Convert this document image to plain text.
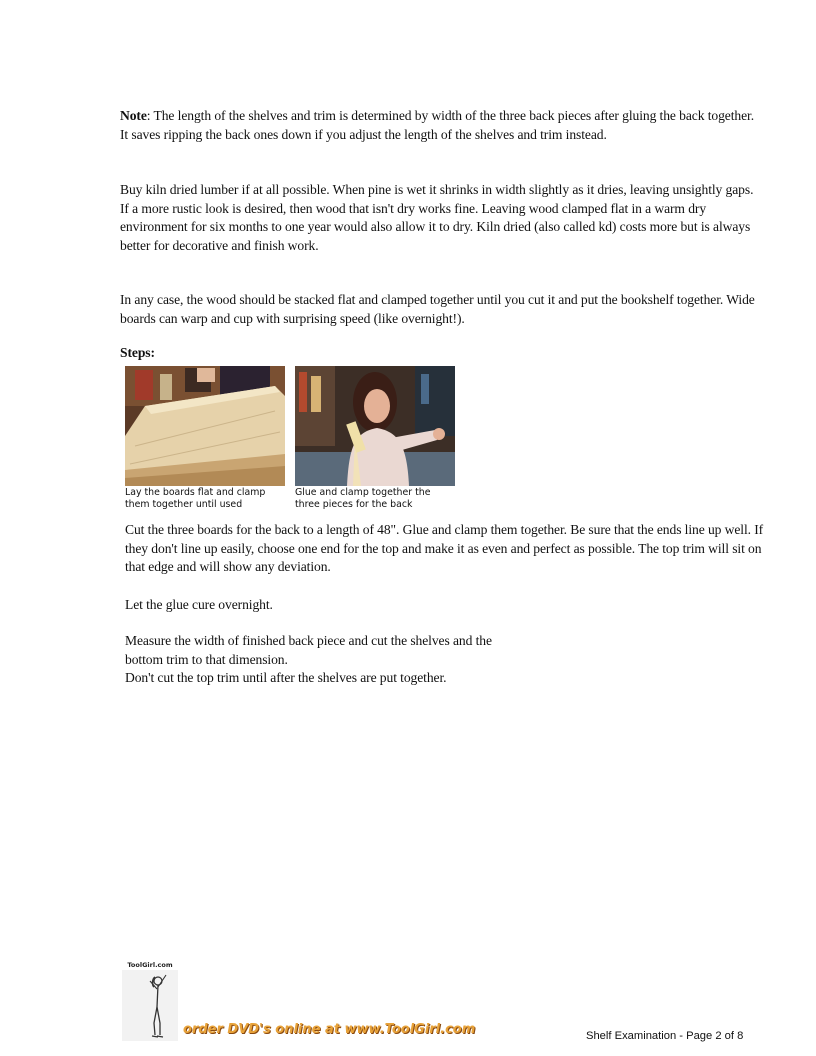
Note: The length of the shelves and trim is determined by width of the three back pieces after gluing the back together. It saves ripping the back ones down if you adjust the length of the shelves and trim instead.

Buy kiln dried lumber if at all possible. When pine is wet it shrinks in width slightly as it dries, leaving unsightly gaps. If a more rustic look is desired, then wood that isn't dry works fine. Leaving wood clamped flat in a warm dry environment for six months to one year would also allow it to dry. Kiln dried (also called kd) costs more but is always better for decorative and finish work.

In any case, the wood should be stacked flat and clamped together until you cut it and put the bookshelf together. Wide boards can warp and cup with surprising speed (like overnight!).

Steps:

Lay the boards flat and clamp
them together until used
Glue and clamp together the
three pieces for the back

Cut the three boards for the back to a length of 48". Glue and clamp them together. Be sure that the ends line up well. If they don't line up easily, choose one end for the top and make it as even and perfect as possible. The top trim will sit on that edge and will show any deviation.

Let the glue cure overnight.

Measure the width of finished back piece and cut the shelves and the

bottom trim to that dimension.

Don't cut the top trim until after the shelves are put together.

ToolGirl.com
order DVD's online at www.ToolGirl.com	Shelf Examination - Page 2 of 8
